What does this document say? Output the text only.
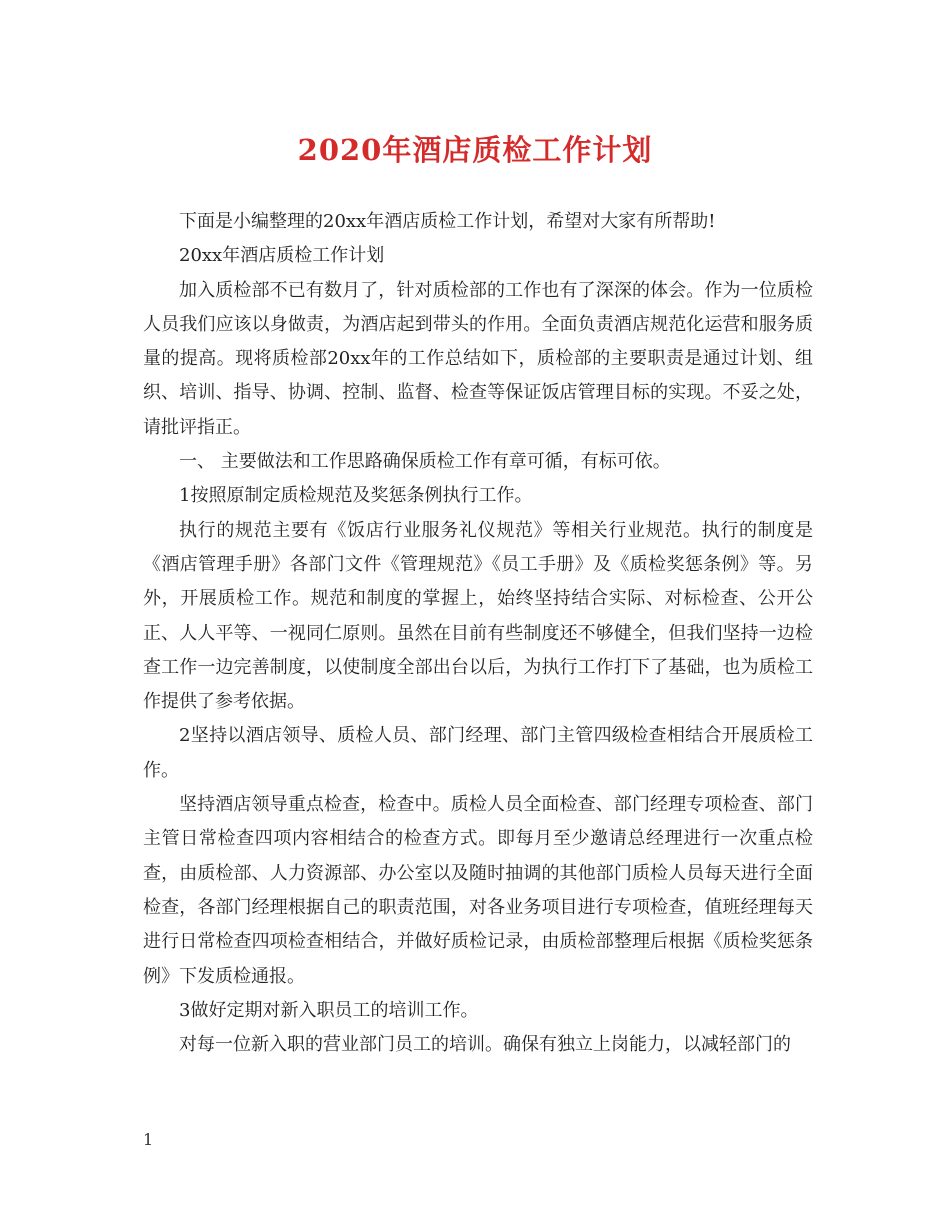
2020年酒店质检工作计划

下面是小编整理的20xx年酒店质检工作计划，希望对大家有所帮助!

20xx年酒店质检工作计划

加入质检部不已有数月了，针对质检部的工作也有了深深的体会。作为一位质检人员我们应该以身做责，为酒店起到带头的作用。全面负责酒店规范化运营和服务质量的提高。现将质检部20xx年的工作总结如下，质检部的主要职责是通过计划、组织、培训、指导、协调、控制、监督、检查等保证饭店管理目标的实现。不妥之处，请批评指正。

一、 主要做法和工作思路确保质检工作有章可循，有标可依。

1按照原制定质检规范及奖惩条例执行工作。

执行的规范主要有《饭店行业服务礼仪规范》等相关行业规范。执行的制度是《酒店管理手册》各部门文件《管理规范》《员工手册》及《质检奖惩条例》等。另外，开展质检工作。规范和制度的掌握上，始终坚持结合实际、对标检查、公开公正、人人平等、一视同仁原则。虽然在目前有些制度还不够健全，但我们坚持一边检查工作一边完善制度，以使制度全部出台以后，为执行工作打下了基础，也为质检工作提供了参考依据。

2坚持以酒店领导、质检人员、部门经理、部门主管四级检查相结合开展质检工作。

坚持酒店领导重点检查，检查中。质检人员全面检查、部门经理专项检查、部门主管日常检查四项内容相结合的检查方式。即每月至少邀请总经理进行一次重点检查，由质检部、人力资源部、办公室以及随时抽调的其他部门质检人员每天进行全面检查，各部门经理根据自己的职责范围，对各业务项目进行专项检查，值班经理每天进行日常检查四项检查相结合，并做好质检记录，由质检部整理后根据《质检奖惩条例》下发质检通报。

3做好定期对新入职员工的培训工作。

对每一位新入职的营业部门员工的培训。确保有独立上岗能力，以减轻部门的

1
